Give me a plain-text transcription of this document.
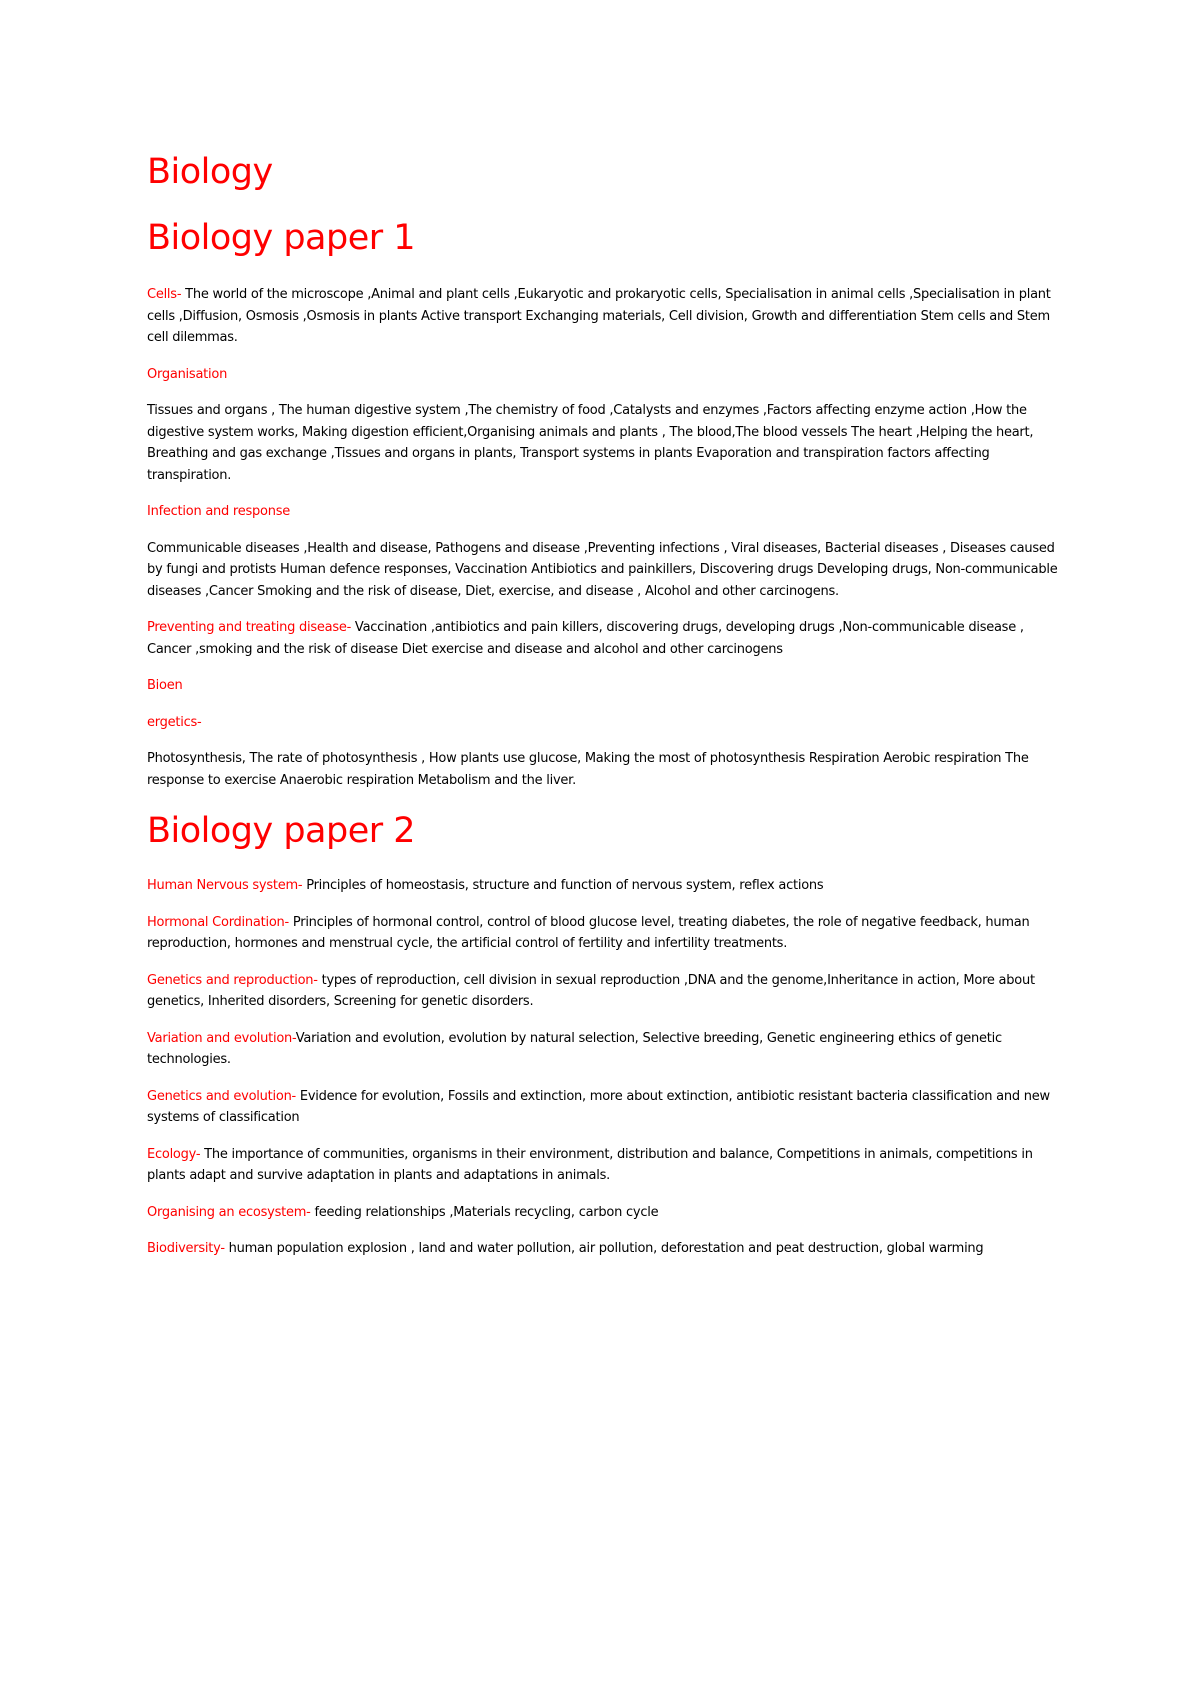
Biology
Biology paper 1

Cells- The world of the microscope ,Animal and plant cells ,Eukaryotic and prokaryotic cells, Specialisation in animal cells ,Specialisation in plant cells ,Diffusion, Osmosis ,Osmosis in plants Active transport Exchanging materials, Cell division, Growth and differentiation Stem cells and Stem cell dilemmas.

Organisation

Tissues and organs , The human digestive system ,The chemistry of food ,Catalysts and enzymes ,Factors affecting enzyme action ,How the digestive system works, Making digestion efficient,Organising animals and plants , The blood,The blood vessels The heart ,Helping the heart, Breathing and gas exchange ,Tissues and organs in plants, Transport systems in plants Evaporation and transpiration factors affecting transpiration.

Infection and response

Communicable diseases ,Health and disease, Pathogens and disease ,Preventing infections , Viral diseases, Bacterial diseases , Diseases caused by fungi and protists Human defence responses, Vaccination Antibiotics and painkillers, Discovering drugs Developing drugs, Non-communicable diseases ,Cancer Smoking and the risk of disease, Diet, exercise, and disease , Alcohol and other carcinogens.

Preventing and treating disease- Vaccination ,antibiotics and pain killers, discovering drugs, developing drugs ,Non-communicable disease , Cancer ,smoking and the risk of disease Diet exercise and disease and alcohol and other carcinogens

Bioen

ergetics-

Photosynthesis, The rate of photosynthesis , How plants use glucose, Making the most of photosynthesis Respiration Aerobic respiration The response to exercise Anaerobic respiration Metabolism and the liver.

Biology paper 2

Human Nervous system- Principles of homeostasis, structure and function of nervous system, reflex actions

Hormonal Cordination- Principles of hormonal control, control of blood glucose level, treating diabetes, the role of negative feedback, human reproduction, hormones and menstrual cycle, the artificial control of fertility and infertility treatments.

Genetics and reproduction- types of reproduction, cell division in sexual reproduction ,DNA and the genome,Inheritance in action, More about genetics, Inherited disorders, Screening for genetic disorders.

Variation and evolution-Variation and evolution, evolution by natural selection, Selective breeding, Genetic engineering ethics of genetic technologies.

Genetics and evolution- Evidence for evolution, Fossils and extinction, more about extinction, antibiotic resistant bacteria classification and new systems of classification

Ecology- The importance of communities, organisms in their environment, distribution and balance, Competitions in animals, competitions in plants adapt and survive adaptation in plants and adaptations in animals.

Organising an ecosystem- feeding relationships ,Materials recycling, carbon cycle

Biodiversity- human population explosion , land and water pollution, air pollution, deforestation and peat destruction, global warming
